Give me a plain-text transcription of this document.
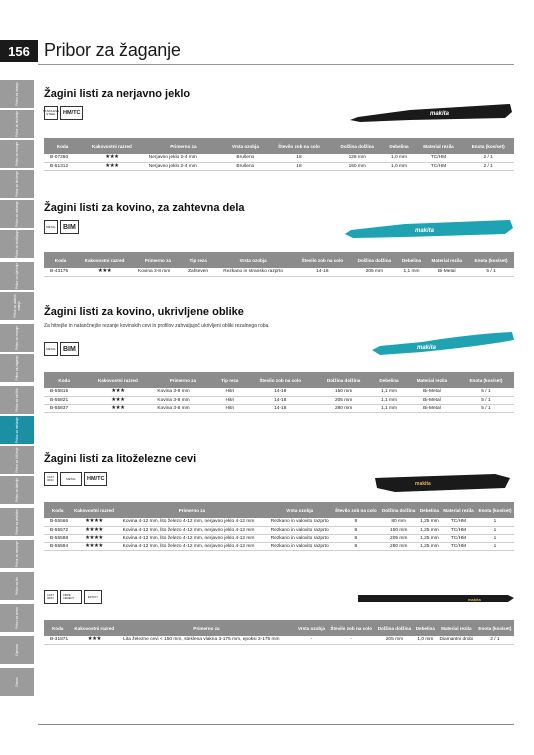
Pribor za vrtanje
Pribor za brušenje
Pribor za rezanje
Pribor za brušenje
Pribor za rezkanje
Pribor za skobljanje
Pribor za vijačenje
Pribor za udarno vrtanje
Pribor za rezanje
Pribor za žaganje
Pribor za zaščito
Pribor za mešanje
Pribor za čiščenje
Pribor za baterije
Pribor za vrtalnike
Pribor za merjenje
Pribor za les
Pribor za steno
Oprema
Razno
156 Pribor za žaganje
Žagini listi za nerjavno jeklo
STAINLESS STEEL	HM/TC	makita
Koda	Kakovostni razred	Primerno za	Vrsta ozobja	Število zob na colo	Dolžina dolžina	Debelina	Material rezila	Enota (kos/set)
B-07260	★★★	Nerjavno jeklo 2-4 mm	Brušeno	18	128 mm	1,0 mm	TC/HM	2 / 1
B-51312	★★★	Nerjavno jeklo 2-4 mm	Brušeno	18	150 mm	1,0 mm	TC/HM	2 / 1
Žagini listi za kovino, za zahtevna dela
METAL	BIM
makita
Koda	Kakovostni razred	Primerno za	Tip reza	Vrsta ozobja	Število zob na colo	Dolžina dolžina	Debelina	Material rezila	Enota (kos/set)
B-43175	★★★	Kovina 3-8 mm	Zahteven	Rezkano in stransko razprto	14-18	205 mm	1,1 mm	Bi-Metal	5 / 1
Žagini listi za kovino, ukrivljene oblike
Za hitrejše in natančnejše rezanje kovinskih cevi in profilov zahvaljujoč ukrivljeni obliki rezalnega roba.
METAL	BIM	makita
Koda	Kakovostni razred	Primerno za	Tip reza	Število zob na colo	Dolžina dolžina	Debelina	Material rezila	Enota (kos/set)
B-55815	★★★	Kovina 3-8 mm	Hitri	14-18	150 mm	1,1 mm	Bi-Metal	5 / 1
B-55821	★★★	Kovina 3-8 mm	Hitri	14-18	205 mm	1,1 mm	Bi-Metal	5 / 1
B-55837	★★★	Kovina 3-8 mm	Hitri	14-18	280 mm	1,1 mm	Bi-Metal	5 / 1
Žagini listi za litoželezne cevi
CAST IRON	METAL	HM/TC
makita
Koda	Kakovostni razred	Primerno za	Vrsta ozobja	Število zob na colo	Dolžina dolžina	Debelina	Material rezila	Enota (kos/set)
B-55566	★★★★	Kovina 4-12 mm, lito železo 4-12 mm, nerjavno jeklo 4-12 mm	Rezkano in valovito razprto	8	80 mm	1,25 mm	TC/HM	1
B-55572	★★★★	Kovina 4-12 mm, lito železo 4-12 mm, nerjavno jeklo 4-12 mm	Rezkano in valovito razprto	8	150 mm	1,25 mm	TC/HM	1
B-55588	★★★★	Kovina 4-12 mm, lito železo 4-12 mm, nerjavno jeklo 4-12 mm	Rezkano in valovito razprto	8	205 mm	1,25 mm	TC/HM	1
B-55594	★★★★	Kovina 4-12 mm, lito železo 4-12 mm, nerjavno jeklo 4-12 mm	Rezkano in valovito razprto	8	280 mm	1,25 mm	TC/HM	1
CAST IRON
FIBRE CEMENT	EPOXY	makita
Koda	Kakovostni razred	Primerno za	Vrsta ozobja	Število zob na colo	Dolžina dolžina	Debelina	Material rezila	Enota (kos/set)
B-31871	★★★	Lita železne cevi < 150 mm, steklena vlakna 3-175 mm, epoksi 3-175 mm	-	-	205 mm	1,0 mm	Diamantni drobi	2 / 1
